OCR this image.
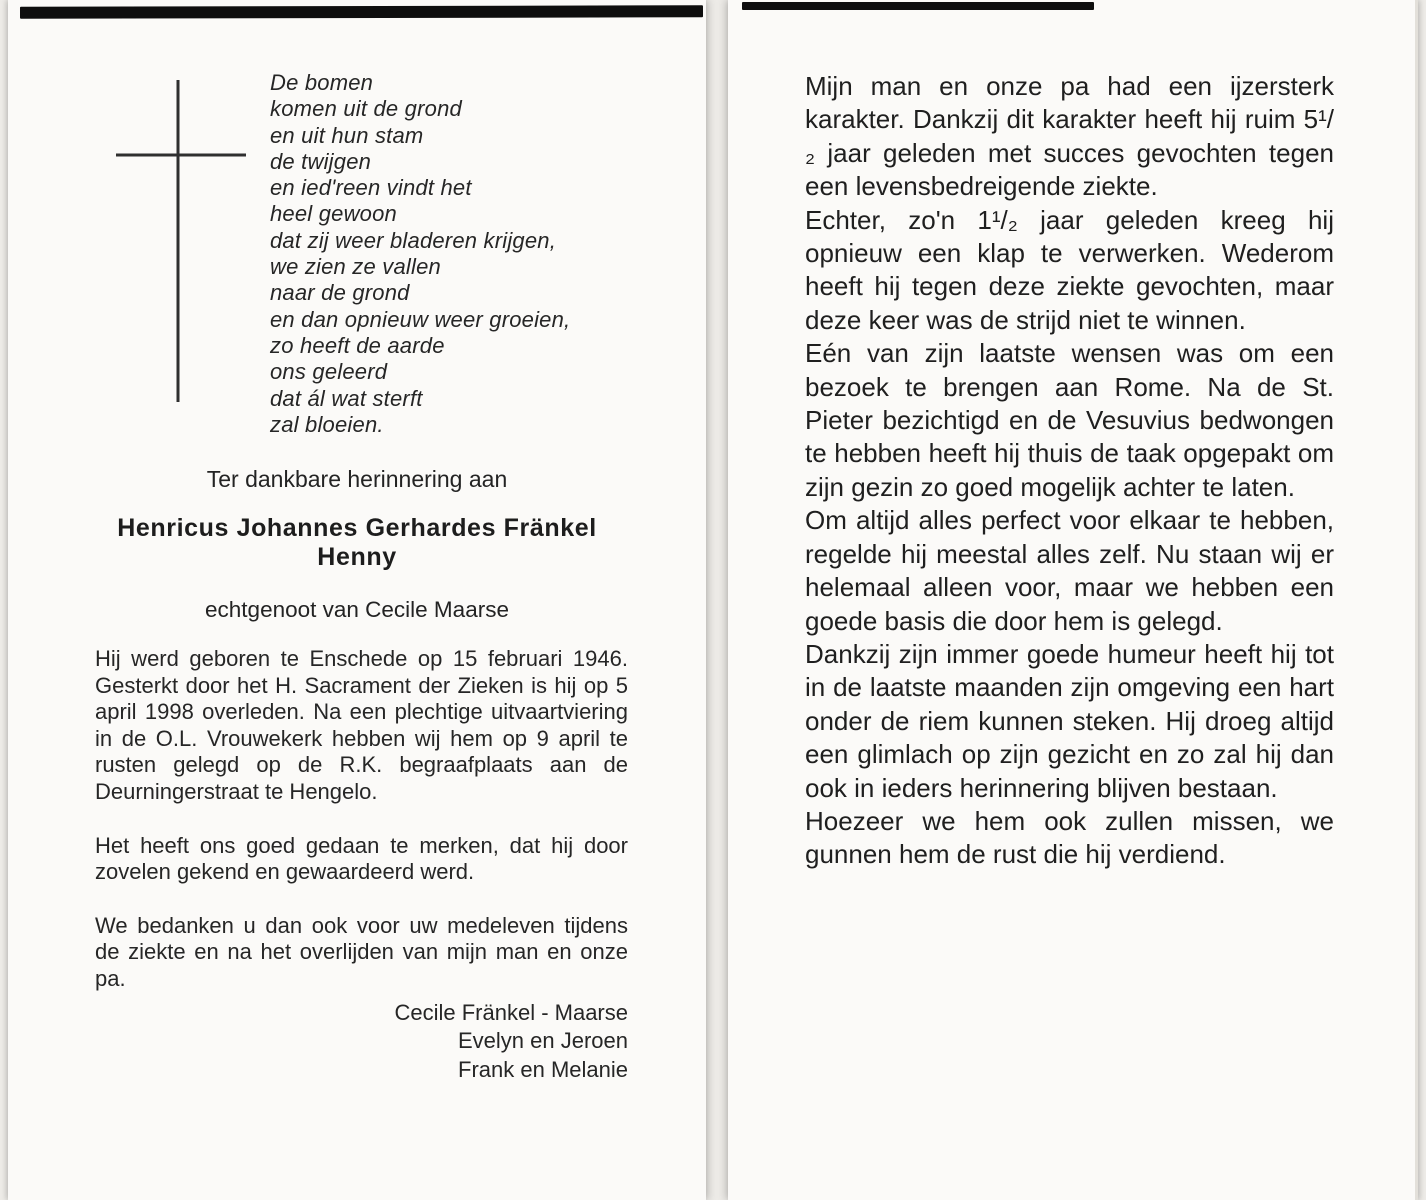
De bomen
komen uit de grond
en uit hun stam
de twijgen
en ied'reen vindt het
heel gewoon
dat zij weer bladeren krijgen,
we zien ze vallen
naar de grond
en dan opnieuw weer groeien,
zo heeft de aarde
ons geleerd
dat ál wat sterft
zal bloeien.
Ter dankbare herinnering aan
Henricus Johannes Gerhardes Fränkel
Henny
echtgenoot van Cecile Maarse

Hij werd geboren te Enschede op 15 februari 1946. Gesterkt door het H. Sacrament der Zieken is hij op 5 april 1998 overleden. Na een plechtige uitvaartviering in de O.L. Vrouwekerk hebben wij hem op 9 april te rusten gelegd op de R.K. begraafplaats aan de Deurningerstraat te Hengelo.

Het heeft ons goed gedaan te merken, dat hij door zovelen gekend en gewaardeerd werd.

We bedanken u dan ook voor uw medeleven tijdens de ziekte en na het overlijden van mijn man en onze pa.

Cecile Fränkel - Maarse
Evelyn en Jeroen
Frank en Melanie

Mijn man en onze pa had een ijzersterk karakter. Dankzij dit karakter heeft hij ruim 5¹/₂ jaar geleden met succes gevochten tegen een levensbedreigende ziekte.

Echter, zo'n 1¹/₂ jaar geleden kreeg hij opnieuw een klap te verwerken. Wederom heeft hij tegen deze ziekte gevochten, maar deze keer was de strijd niet te winnen.

Eén van zijn laatste wensen was om een bezoek te brengen aan Rome. Na de St. Pieter bezichtigd en de Vesuvius bedwongen te hebben heeft hij thuis de taak opgepakt om zijn gezin zo goed mogelijk achter te laten.

Om altijd alles perfect voor elkaar te hebben, regelde hij meestal alles zelf. Nu staan wij er helemaal alleen voor, maar we hebben een goede basis die door hem is gelegd.

Dankzij zijn immer goede humeur heeft hij tot in de laatste maanden zijn omgeving een hart onder de riem kunnen steken. Hij droeg altijd een glimlach op zijn gezicht en zo zal hij dan ook in ieders herinnering blijven bestaan.

Hoezeer we hem ook zullen missen, we gunnen hem de rust die hij verdiend.
